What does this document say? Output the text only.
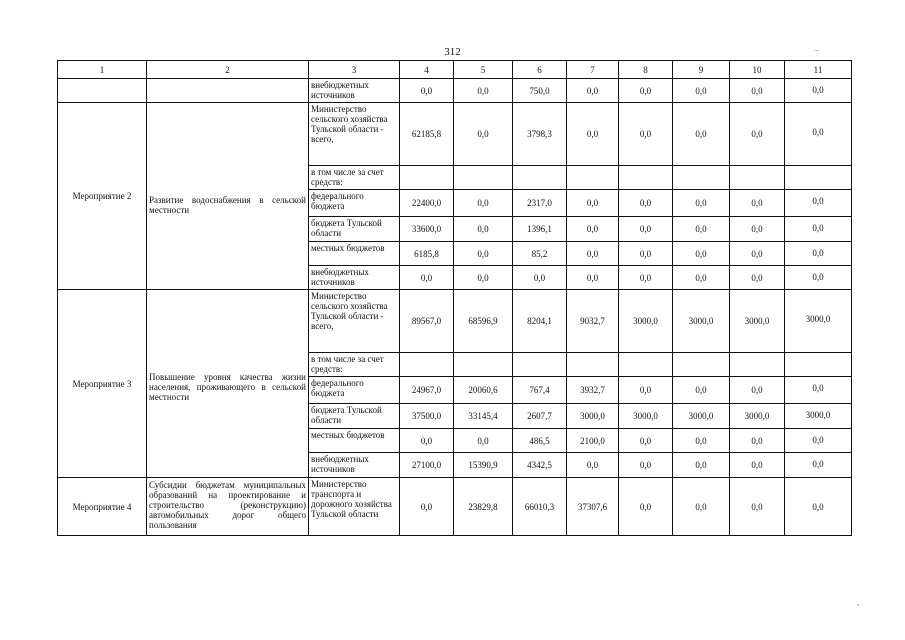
312
1	2	3	4	5	6	7	8	9	10	11
		внебюджетных источников	0,0	0,0	750,0	0,0	0,0	0,0	0,0	0,0
Мероприятие 2	Развитие водоснабжения в сельской местности	Министерство сельского хозяйства Тульской области - всего,	62185,8	0,0	3798,3	0,0	0,0	0,0	0,0	0,0
		в том числе за счет средств:								
		федерального бюджета	22400,0	0,0	2317,0	0,0	0,0	0,0	0,0	0,0
		бюджета Тульской области	33600,0	0,0	1396,1	0,0	0,0	0,0	0,0	0,0
		местных бюджетов	6185,8	0,0	85,2	0,0	0,0	0,0	0,0	0,0
		внебюджетных источников	0,0	0,0	0,0	0,0	0,0	0,0	0,0	0,0
Мероприятие 3	Повышение уровня качества жизни населения, проживающего в сельской местности	Министерство сельского хозяйства Тульской области - всего,	89567,0	68596,9	8204,1	9032,7	3000,0	3000,0	3000,0	3000,0
		в том числе за счет средств:								
		федерального бюджета	24967,0	20060,6	767,4	3932,7	0,0	0,0	0,0	0,0
		бюджета Тульской области	37500,0	33145,4	2607,7	3000,0	3000,0	3000,0	3000,0	3000,0
		местных бюджетов	0,0	0,0	486,5	2100,0	0,0	0,0	0,0	0,0
		внебюджетных источников	27100,0	15390,9	4342,5	0,0	0,0	0,0	0,0	0,0
Мероприятие 4	Субсидии бюджетам муниципальных образований на проектирование и строительство (реконструкцию) автомобильных дорог общего пользования	Министерство транспорта и дорожного хозяйства Тульской области	0,0	23829,8	66010,3	37307,6	0,0	0,0	0,0	0,0
